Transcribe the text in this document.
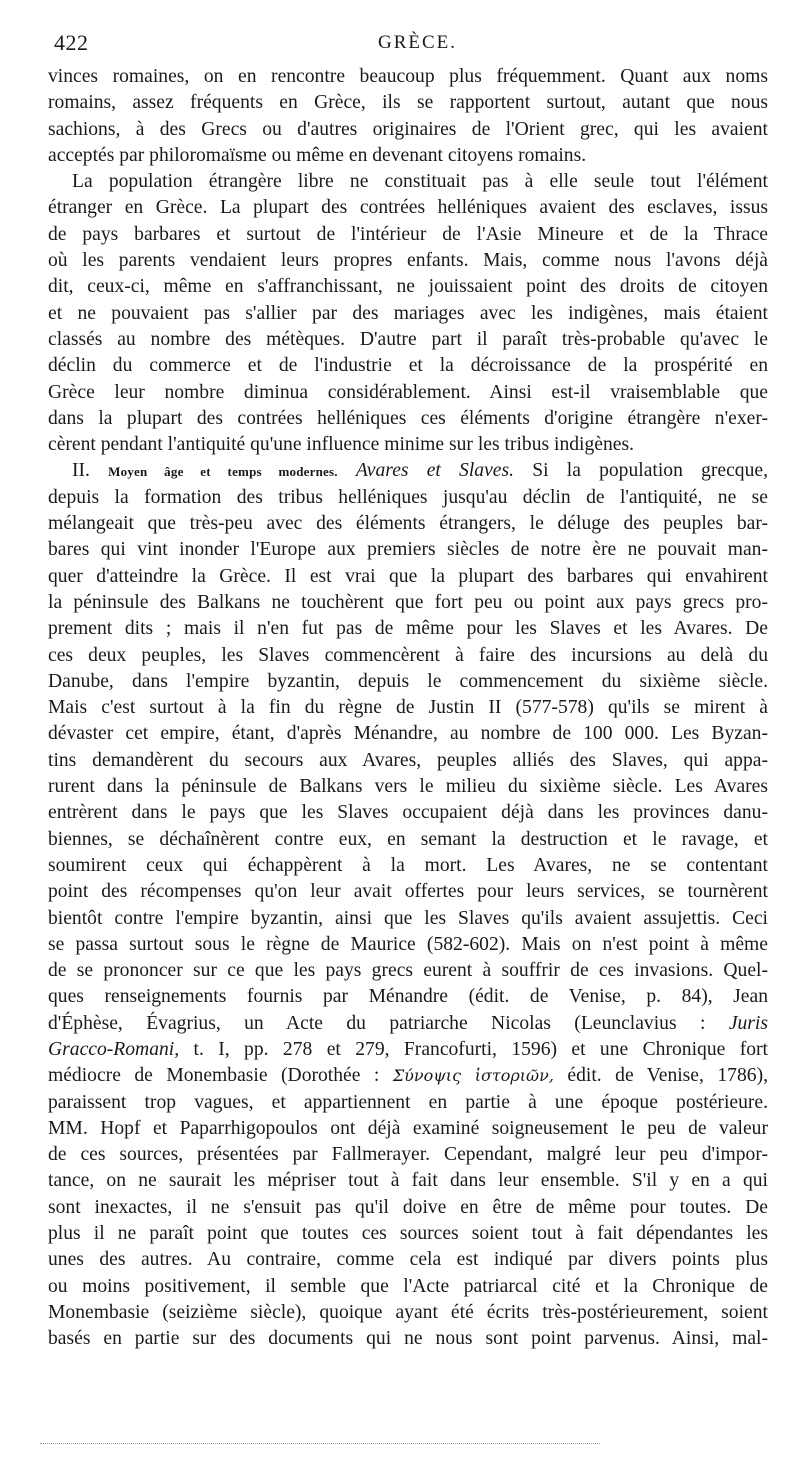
422	GRÈCE.
vinces romaines, on en rencontre beaucoup plus fréquemment. Quant aux noms
romains, assez fréquents en Grèce, ils se rapportent surtout, autant que nous
sachions, à des Grecs ou d'autres originaires de l'Orient grec, qui les avaient
acceptés par philoromaïsme ou même en devenant citoyens romains.
La population étrangère libre ne constituait pas à elle seule tout l'élément
étranger en Grèce. La plupart des contrées helléniques avaient des esclaves, issus
de pays barbares et surtout de l'intérieur de l'Asie Mineure et de la Thrace
où les parents vendaient leurs propres enfants. Mais, comme nous l'avons déjà
dit, ceux-ci, même en s'affranchissant, ne jouissaient point des droits de citoyen
et ne pouvaient pas s'allier par des mariages avec les indigènes, mais étaient
classés au nombre des métèques. D'autre part il paraît très-probable qu'avec le
déclin du commerce et de l'industrie et la décroissance de la prospérité en
Grèce leur nombre diminua considérablement. Ainsi est-il vraisemblable que
dans la plupart des contrées helléniques ces éléments d'origine étrangère n'exer-
cèrent pendant l'antiquité qu'une influence minime sur les tribus indigènes.
II. Moyen âge et temps modernes. Avares et Slaves. Si la population grecque,
depuis la formation des tribus helléniques jusqu'au déclin de l'antiquité, ne se
mélangeait que très-peu avec des éléments étrangers, le déluge des peuples bar-
bares qui vint inonder l'Europe aux premiers siècles de notre ère ne pouvait man-
quer d'atteindre la Grèce. Il est vrai que la plupart des barbares qui envahirent
la péninsule des Balkans ne touchèrent que fort peu ou point aux pays grecs pro-
prement dits ; mais il n'en fut pas de même pour les Slaves et les Avares. De
ces deux peuples, les Slaves commencèrent à faire des incursions au delà du
Danube, dans l'empire byzantin, depuis le commencement du sixième siècle.
Mais c'est surtout à la fin du règne de Justin II (577-578) qu'ils se mirent à
dévaster cet empire, étant, d'après Ménandre, au nombre de 100 000. Les Byzan-
tins demandèrent du secours aux Avares, peuples alliés des Slaves, qui appa-
rurent dans la péninsule de Balkans vers le milieu du sixième siècle. Les Avares
entrèrent dans le pays que les Slaves occupaient déjà dans les provinces danu-
biennes, se déchaînèrent contre eux, en semant la destruction et le ravage, et
soumirent ceux qui échappèrent à la mort. Les Avares, ne se contentant
point des récompenses qu'on leur avait offertes pour leurs services, se tournèrent
bientôt contre l'empire byzantin, ainsi que les Slaves qu'ils avaient assujettis. Ceci
se passa surtout sous le règne de Maurice (582-602). Mais on n'est point à même
de se prononcer sur ce que les pays grecs eurent à souffrir de ces invasions. Quel-
ques renseignements fournis par Ménandre (édit. de Venise, p. 84), Jean
d'Éphèse, Évagrius, un Acte du patriarche Nicolas (Leunclavius : Juris
Gracco-Romani, t. I, pp. 278 et 279, Francofurti, 1596) et une Chronique fort
médiocre de Monembasie (Dorothée : Σύνοψις ἱστοριῶν, édit. de Venise, 1786),
paraissent trop vagues, et appartiennent en partie à une époque postérieure.
MM. Hopf et Paparrhigopoulos ont déjà examiné soigneusement le peu de valeur
de ces sources, présentées par Fallmerayer. Cependant, malgré leur peu d'impor-
tance, on ne saurait les mépriser tout à fait dans leur ensemble. S'il y en a qui
sont inexactes, il ne s'ensuit pas qu'il doive en être de même pour toutes. De
plus il ne paraît point que toutes ces sources soient tout à fait dépendantes les
unes des autres. Au contraire, comme cela est indiqué par divers points plus
ou moins positivement, il semble que l'Acte patriarcal cité et la Chronique de
Monembasie (seizième siècle), quoique ayant été écrits très-postérieurement, soient
basés en partie sur des documents qui ne nous sont point parvenus. Ainsi, mal-
